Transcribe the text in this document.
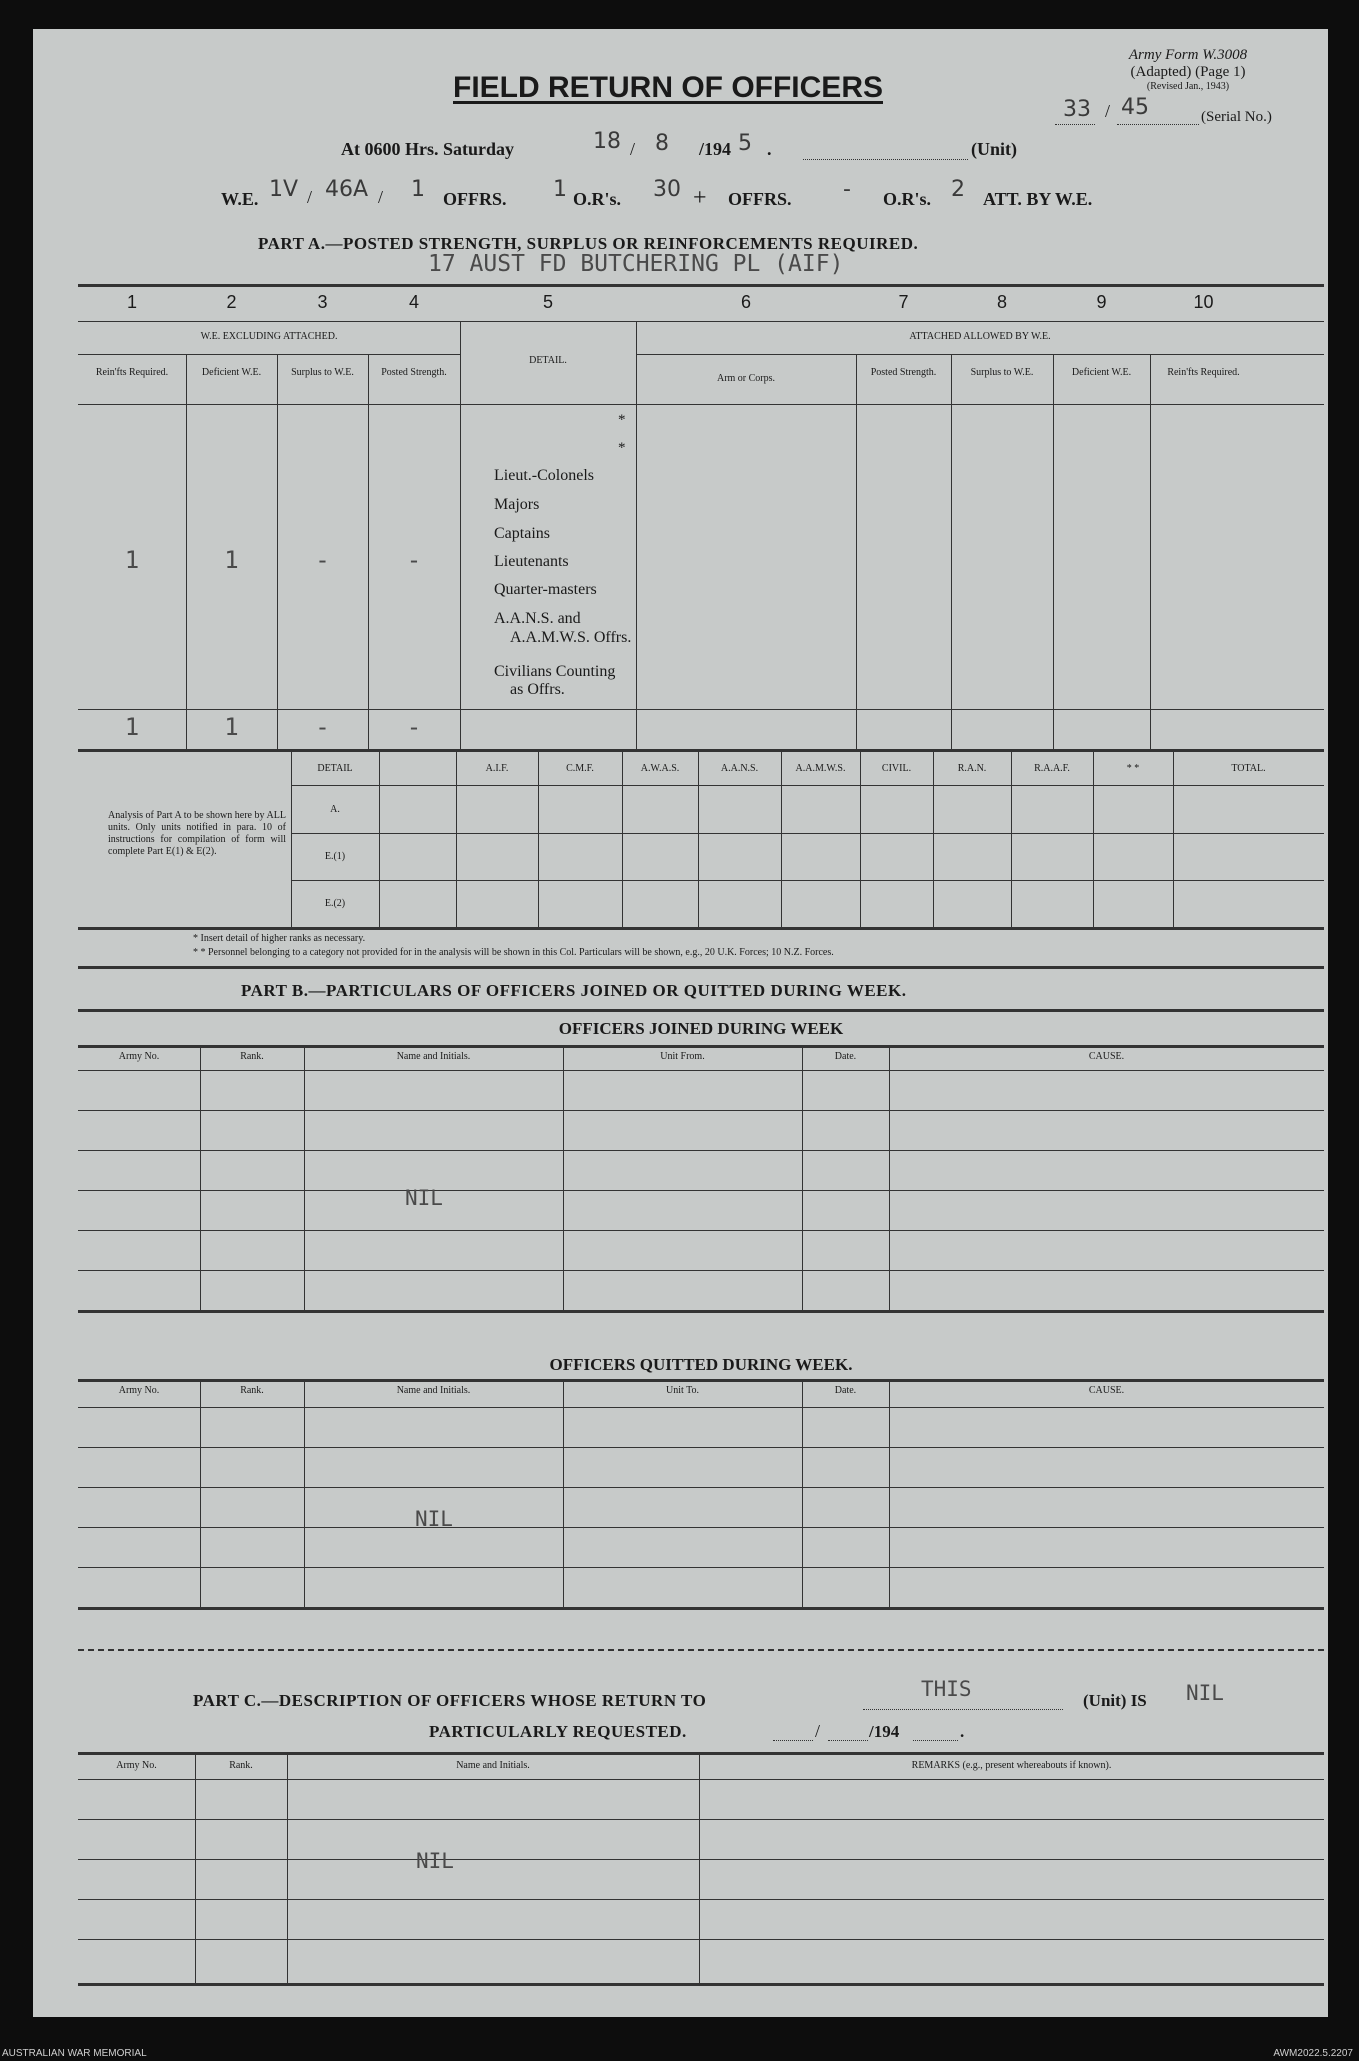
Army Form W.3008
(Adapted) (Page 1)
(Revised Jan., 1943)
33 / 45	(Serial No.)
FIELD RETURN OF OFFICERS
At 0600 Hrs. Saturday	18 / 8 /194 5 .	(Unit)
W.E. 1V / 46A / 1 OFFRS. 1 O.R's. 30 + OFFRS. - O.R's. 2 ATT. BY W.E.
PART A.—POSTED STRENGTH, SURPLUS OR REINFORCEMENTS REQUIRED.
17 AUST FD BUTCHERING PL (AIF)
1	2	3	4	5	6	7	8	9	10
W.E. EXCLUDING ATTACHED.	ATTACHED ALLOWED BY W.E.
DETAIL.
Rein'fts Required.	Deficient W.E.	Surplus to W.E.	Posted Strength.
Arm or Corps.
Posted Strength.	Surplus to W.E.	Deficient W.E.	Rein'fts Required.
*
*
Lieut.-Colonels
Majors
Captains
Lieutenants
Quarter-masters
A.A.N.S. and
A.A.M.W.S. Offrs.
Civilians Counting
as Offrs.
1	1	-	-
1	1	-	-
Analysis of Part A to be shown here by ALL units. Only units notified in para. 10 of instructions for compilation of form will complete Part E(1) & E(2).
DETAIL	A.I.F.	C.M.F.	A.W.A.S.	A.A.N.S.	A.A.M.W.S.	CIVIL.	R.A.N.	R.A.A.F.	* *	TOTAL.
A.
E.(1)
E.(2)
* Insert detail of higher ranks as necessary.
* * Personnel belonging to a category not provided for in the analysis will be shown in this Col. Particulars will be shown, e.g., 20 U.K. Forces; 10 N.Z. Forces.
PART B.—PARTICULARS OF OFFICERS JOINED OR QUITTED DURING WEEK.
OFFICERS JOINED DURING WEEK
Army No.	Rank.	Name and Initials.	Unit From.	Date.	CAUSE.
NIL
OFFICERS QUITTED DURING WEEK.
Army No.	Rank.	Name and Initials.	Unit To.	Date.	CAUSE.
NIL
PART C.—DESCRIPTION OF OFFICERS WHOSE RETURN TO	THIS	(Unit) IS NIL
PARTICULARLY REQUESTED.	/	/194	.
Army No.	Rank.	Name and Initials.	REMARKS (e.g., present whereabouts if known).
NIL
AUSTRALIAN WAR MEMORIAL	AWM2022.5.2207
